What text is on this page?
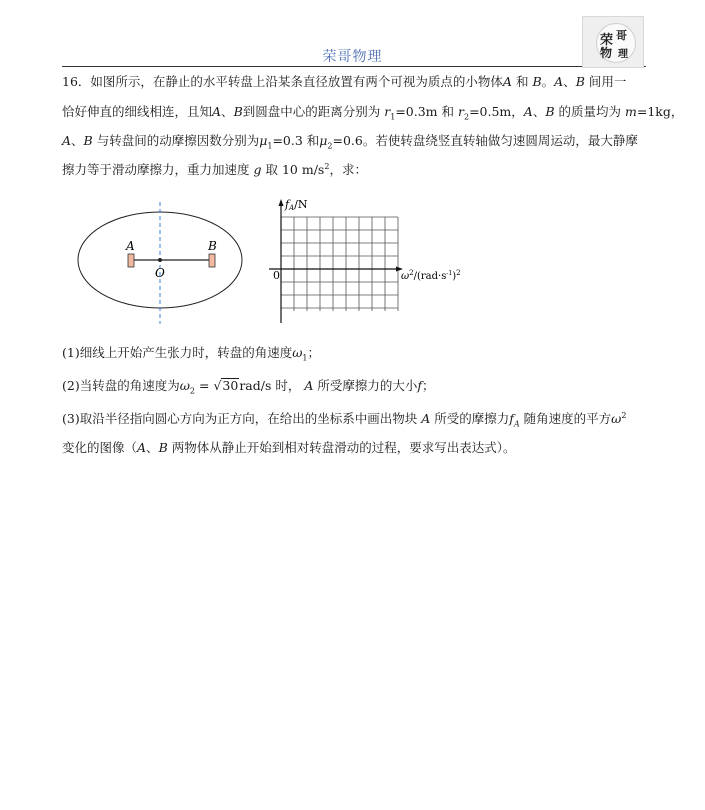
荣哥物理
荣 哥
物 理
16．如图所示，在静止的水平转盘上沿某条直径放置有两个可视为质点的小物体A 和 B。A、B 间用一
恰好伸直的细线相连，且知A、B到圆盘中心的距离分别为 $r_1=0.3m$ 和 $r_2=0.5m$，A、B 的质量均为 m=1kg，
A、B 与转盘间的动摩擦因数分别为$\mu_1=0.3$ 和$\mu_2=0.6$。若使转盘绕竖直转轴做匀速圆周运动，最大静摩
擦力等于滑动摩擦力，重力加速度 g 取 10 $m/s^2$，求：
A	B
O
fA/N
0	$\omega^2/(rad\cdot s^{-1})^2$
(1)细线上开始产生张力时，转盘的角速度$\omega_1$；
(2)当转盘的角速度为$\omega_2 = √30rad/s$ 时， A 所受摩擦力的大小f；
(3)取沿半径指向圆心方向为正方向，在给出的坐标系中画出物块 A 所受的摩擦力$f_A$ 随角速度的平方$\omega^2$
变化的图像（A、B 两物体从静止开始到相对转盘滑动的过程，要求写出表达式）。
